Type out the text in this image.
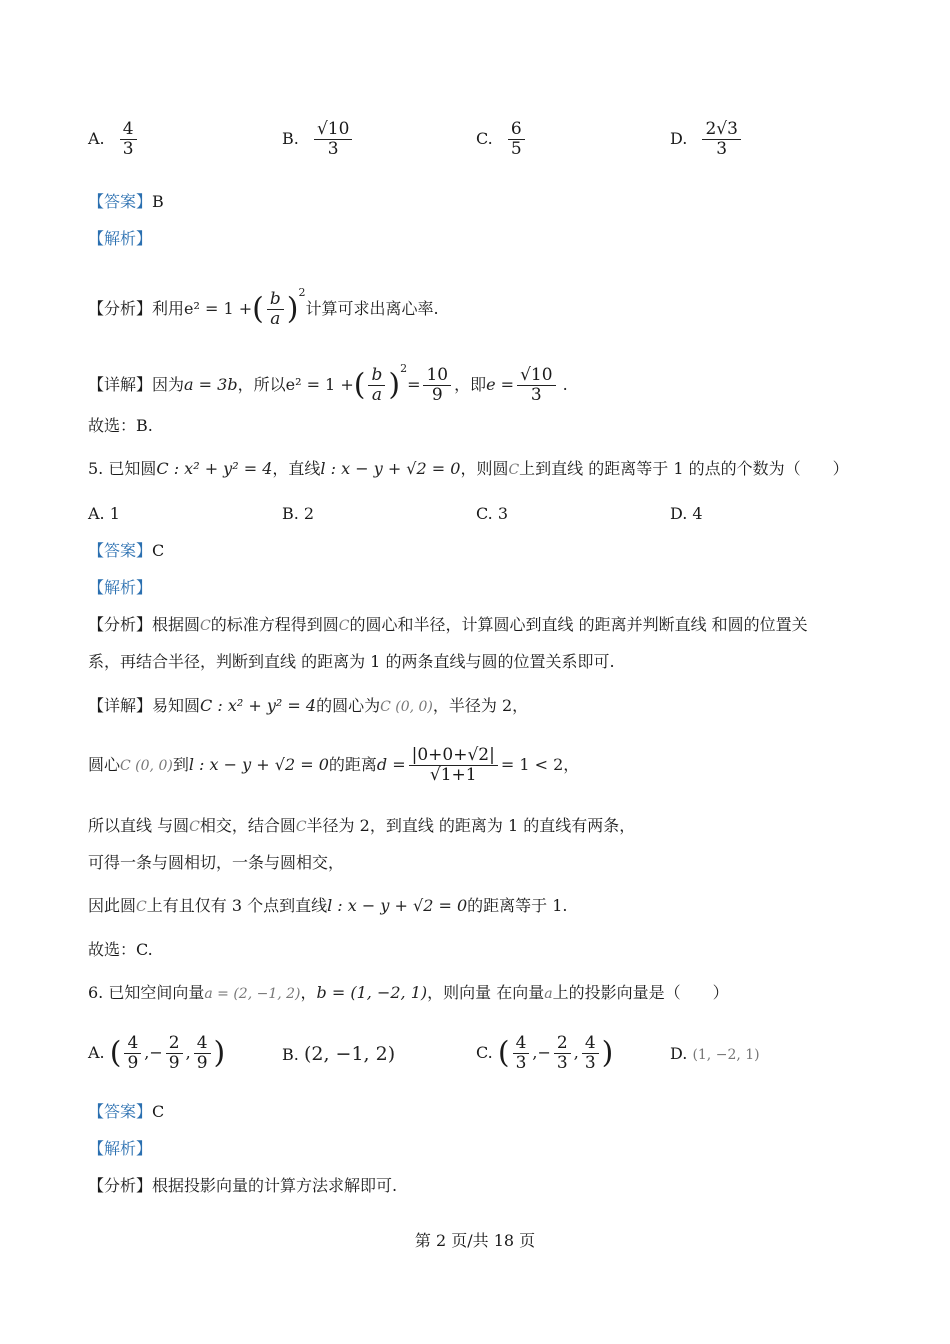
A. $\frac{4}{3}$	B. $\frac{√10}{3}$	C. $\frac{6}{5}$	D. $\frac{2√3}{3}$
【答案】B
【解析】
【分析】利用e² = 1 +( $\frac{b}{a} )^2$计算可求出离心率.
【详解】因为a = 3b，所以e² = 1 +( $\frac{b}{a} )^2= \frac{10}{9}$ ，即$e = \frac{√10}{3}$ .
故选：B.
5. 已知圆C : x² + y² = 4，直线l : x − y + √2 = 0，则圆C上到直线 的距离等于 1 的点的个数为（　　）
A. 1	B. 2	C. 3	D. 4
【答案】C
【解析】
【分析】根据圆C的标准方程得到圆C的圆心和半径，计算圆心到直线 的距离并判断直线 和圆的位置关
系，再结合半径，判断到直线 的距离为 1 的两条直线与圆的位置关系即可.
【详解】易知圆C : x² + y² = 4的圆心为C (0, 0)，半径为 2，
圆心C (0, 0)到l : x − y + √2 = 0的距离$d = \frac{|0+0+√2|}{√1+1} = 1 < 2$，
所以直线 与圆C相交，结合圆C半径为 2，到直线 的距离为 1 的直线有两条，
可得一条与圆相切，一条与圆相交，
因此圆C上有且仅有 3 个点到直线l : x − y + √2 = 0的距离等于 1.
故选：C.
6. 已知空间向量a = (2, −1, 2)，b = (1, −2, 1)，则向量 在向量a上的投影向量是（　　）
A. ( $\frac{4}{9}$ ,− $\frac{2}{9}$ , $\frac{4}{9}$ )	B. (2, −1, 2)	C. ( $\frac{4}{3}$ ,− $\frac{2}{3}$ , $\frac{4}{3}$ )	D. (1, −2, 1)
【答案】C
【解析】
【分析】根据投影向量的计算方法求解即可.
第 2 页/共 18 页
